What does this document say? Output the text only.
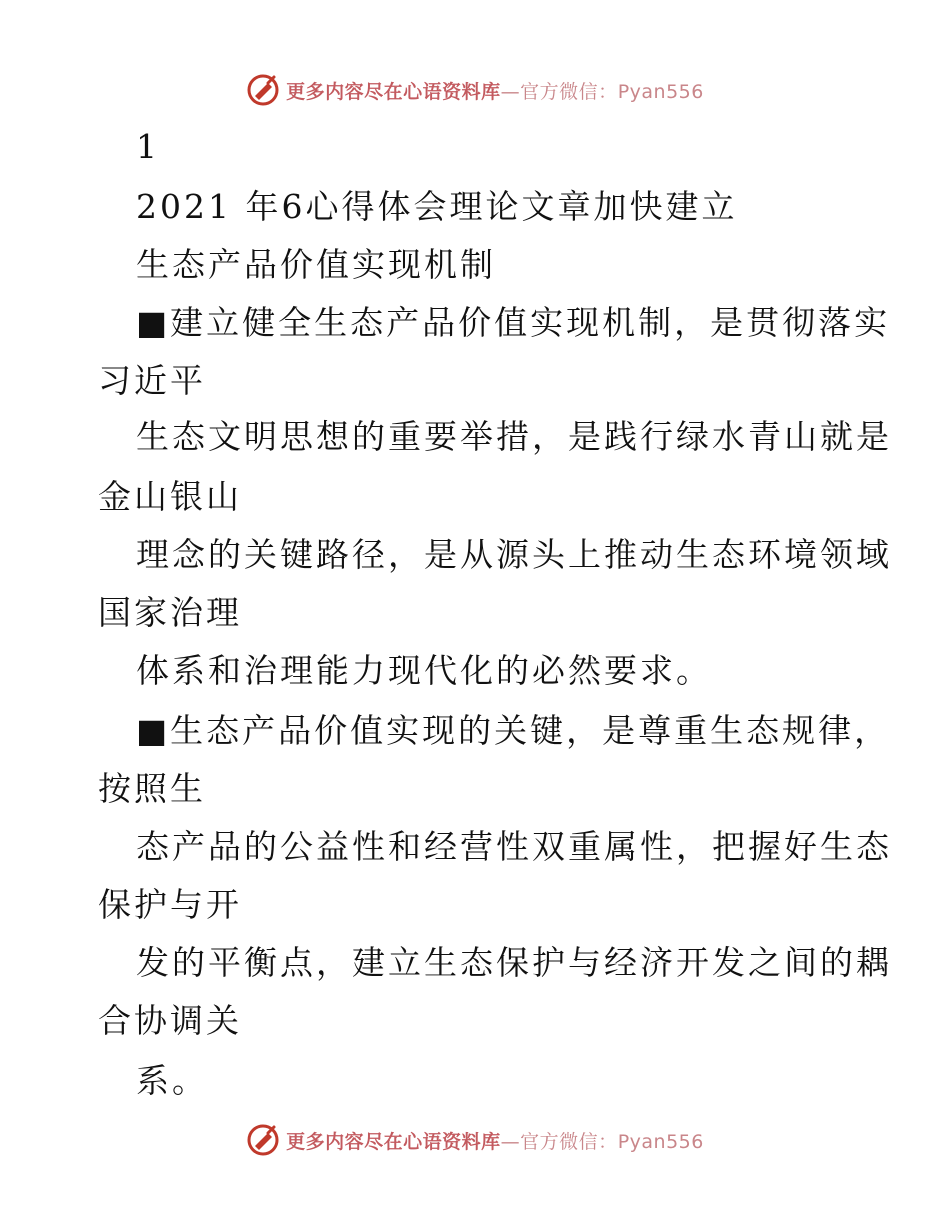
更多内容尽在心语资料库—官方微信：Pyan556
1
2021 年6心得体会理论文章加快建立
生态产品价值实现机制
■建立健全生态产品价值实现机制，是贯彻落实
习近平
生态文明思想的重要举措，是践行绿水青山就是
金山银山
理念的关键路径，是从源头上推动生态环境领域
国家治理
体系和治理能力现代化的必然要求。
■生态产品价值实现的关键，是尊重生态规律，
按照生
态产品的公益性和经营性双重属性，把握好生态
保护与开
发的平衡点，建立生态保护与经济开发之间的耦
合协调关
系。
更多内容尽在心语资料库—官方微信：Pyan556
